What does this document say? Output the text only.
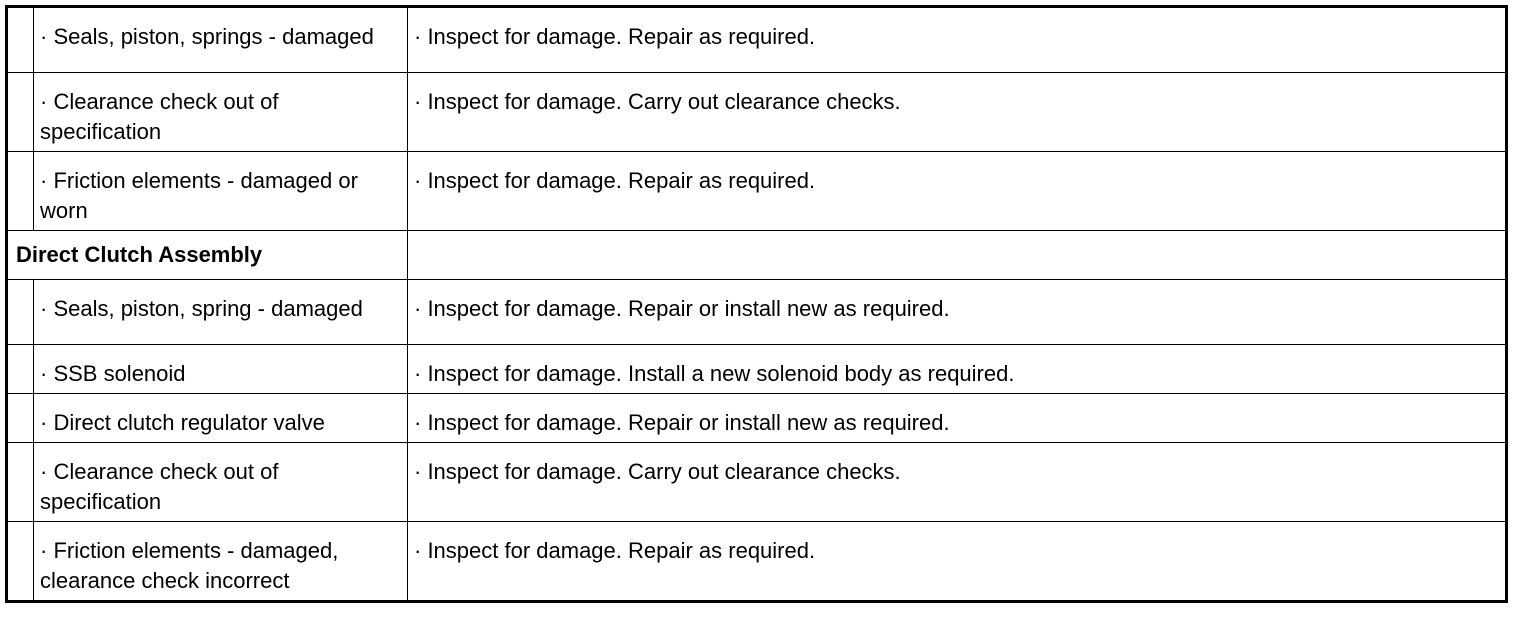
	· Seals, piston, springs - damaged	· Inspect for damage. Repair as required.
	· Clearance check out of specification	· Inspect for damage. Carry out clearance checks.
	· Friction elements - damaged or worn	· Inspect for damage. Repair as required.
Direct Clutch Assembly		
	· Seals, piston, spring - damaged	· Inspect for damage. Repair or install new as required.
	· SSB solenoid	· Inspect for damage. Install a new solenoid body as required.
	· Direct clutch regulator valve	· Inspect for damage. Repair or install new as required.
	· Clearance check out of specification	· Inspect for damage. Carry out clearance checks.
	· Friction elements - damaged, clearance check incorrect	· Inspect for damage. Repair as required.
